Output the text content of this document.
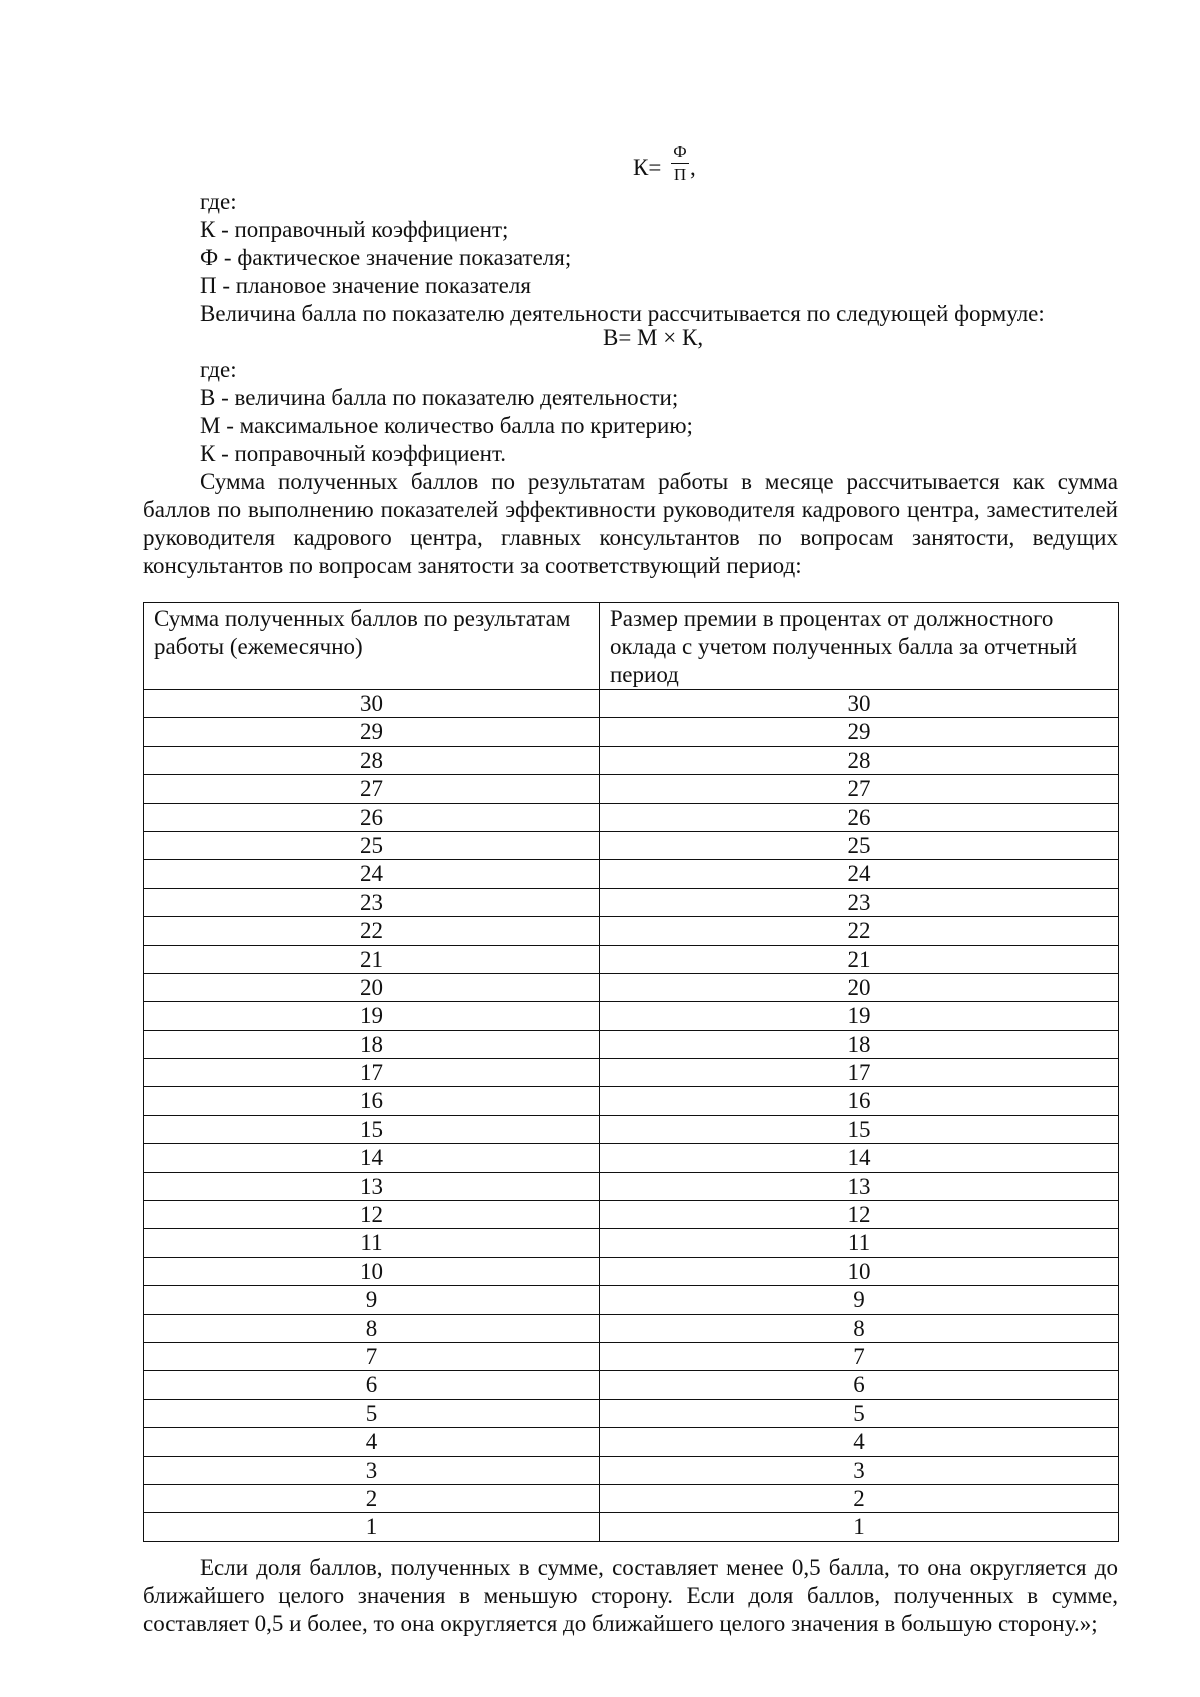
К=
Ф
П ,
где:
К - поправочный коэффициент;
Ф - фактическое значение показателя;
П - плановое значение показателя
Величина балла по показателю деятельности рассчитывается по следующей формуле:
В= М × К,
где:
В - величина балла по показателю деятельности;
М - максимальное количество балла по критерию;
К - поправочный коэффициент.
Сумма полученных баллов по результатам работы в месяце рассчитывается как сумма баллов по выполнению показателей эффективности руководителя кадрового центра, заместителей руководителя кадрового центра, главных консультантов по вопросам занятости, ведущих консультантов по вопросам занятости за соответствующий период:
Сумма полученных баллов по результатам работы (ежемесячно)	Размер премии в процентах от должностного оклада с учетом полученных балла за отчетный период
30	30
29	29
28	28
27	27
26	26
25	25
24	24
23	23
22	22
21	21
20	20
19	19
18	18
17	17
16	16
15	15
14	14
13	13
12	12
11	11
10	10
9	9
8	8
7	7
6	6
5	5
4	4
3	3
2	2
1	1
Если доля баллов, полученных в сумме, составляет менее 0,5 балла, то она округляется до ближайшего целого значения в меньшую сторону. Если доля баллов, полученных в сумме, составляет 0,5 и более, то она округляется до ближайшего целого значения в большую сторону.»;
